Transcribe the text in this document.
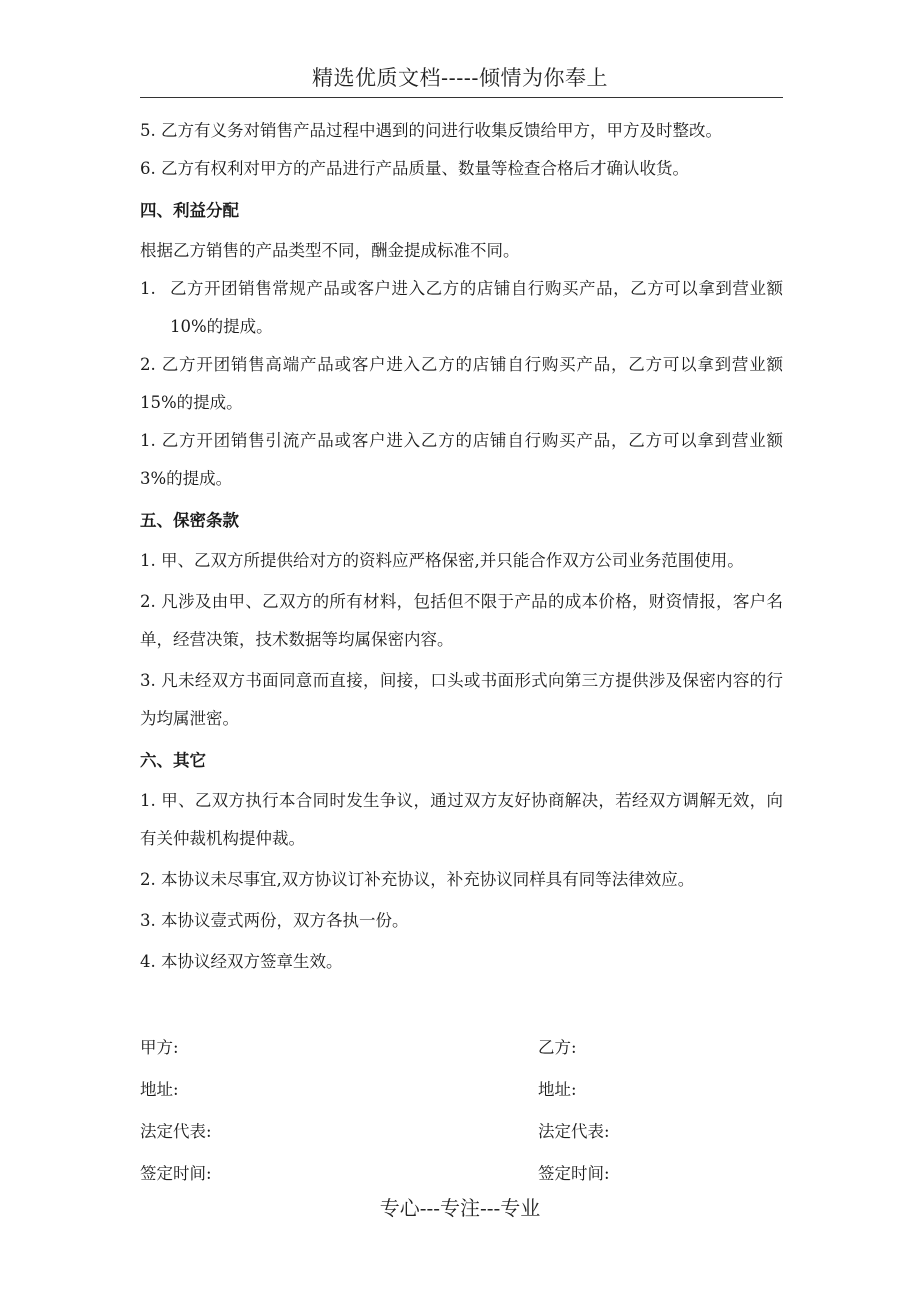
精选优质文档-----倾情为你奉上

5. 乙方有义务对销售产品过程中遇到的问进行收集反馈给甲方，甲方及时整改。

6. 乙方有权利对甲方的产品进行产品质量、数量等检查合格后才确认收货。

四、利益分配

根据乙方销售的产品类型不同，酬金提成标准不同。

1. 乙方开团销售常规产品或客户进入乙方的店铺自行购买产品，乙方可以拿到营业额 10%的提成。

2. 乙方开团销售高端产品或客户进入乙方的店铺自行购买产品，乙方可以拿到营业额 15%的提成。

1. 乙方开团销售引流产品或客户进入乙方的店铺自行购买产品，乙方可以拿到营业额 3%的提成。

五、保密条款

1. 甲、乙双方所提供给对方的资料应严格保密,并只能合作双方公司业务范围使用。

2. 凡涉及由甲、乙双方的所有材料，包括但不限于产品的成本价格，财资情报，客户名单，经营决策，技术数据等均属保密内容。

3. 凡未经双方书面同意而直接，间接，口头或书面形式向第三方提供涉及保密内容的行为均属泄密。

六、其它

1. 甲、乙双方执行本合同时发生争议，通过双方友好协商解决，若经双方调解无效，向有关仲裁机构提仲裁。

2. 本协议未尽事宜,双方协议订补充协议，补充协议同样具有同等法律效应。

3. 本协议壹式两份，双方各执一份。

4. 本协议经双方签章生效。

甲方:	乙方:
地址:	地址:
法定代表:	法定代表:
签定时间:	签定时间:
专心---专注---专业
